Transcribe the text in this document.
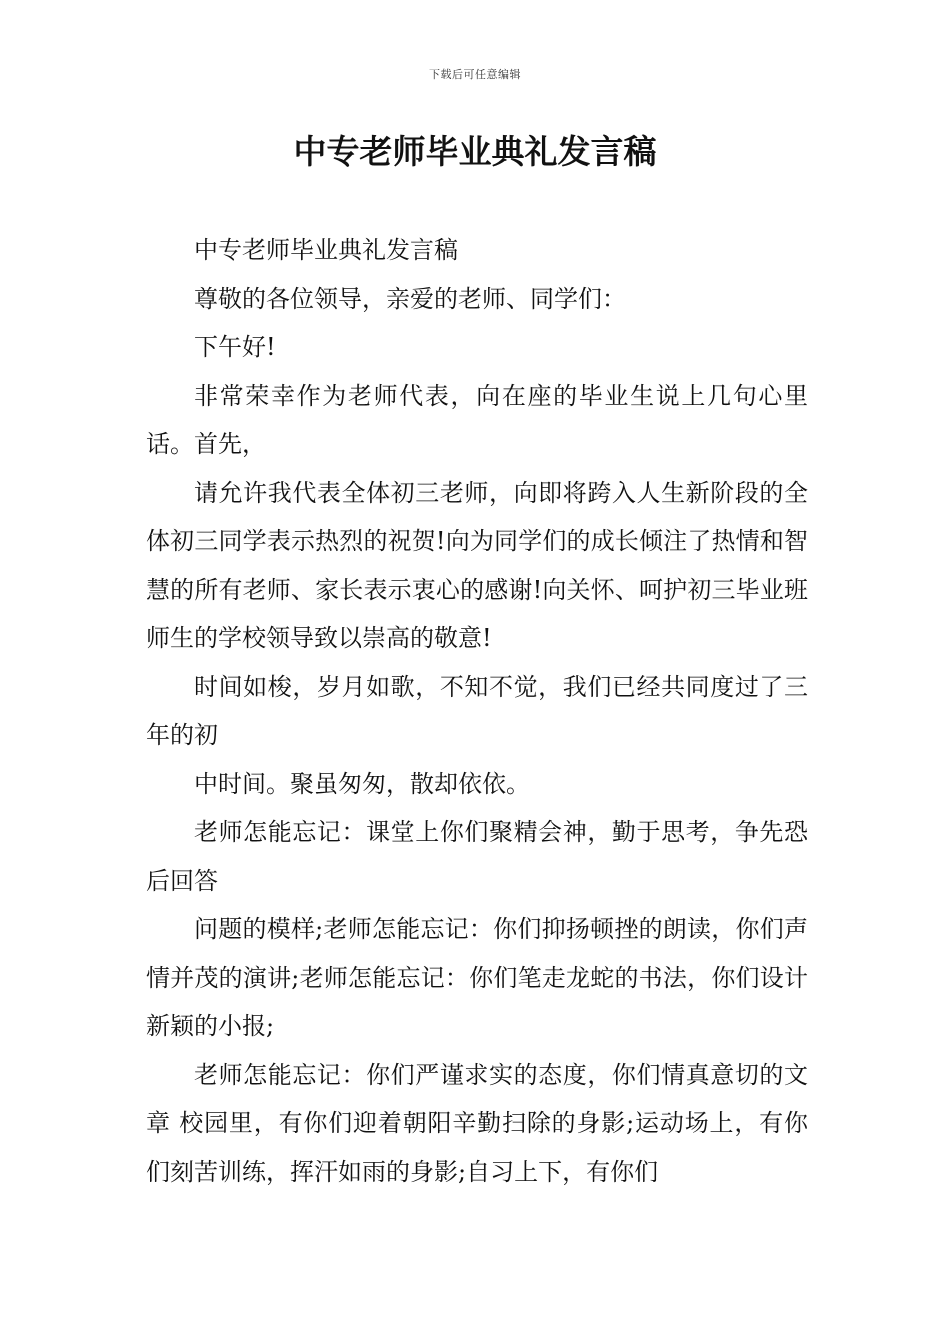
下载后可任意编辑
中专老师毕业典礼发言稿

中专老师毕业典礼发言稿

尊敬的各位领导，亲爱的老师、同学们：

下午好!

非常荣幸作为老师代表，向在座的毕业生说上几句心里话。首先，

请允许我代表全体初三老师，向即将跨入人生新阶段的全体初三同学表示热烈的祝贺!向为同学们的成长倾注了热情和智慧的所有老师、家长表示衷心的感谢!向关怀、呵护初三毕业班师生的学校领导致以崇高的敬意!

时间如梭，岁月如歌，不知不觉，我们已经共同度过了三年的初

中时间。聚虽匆匆，散却依依。

老师怎能忘记：课堂上你们聚精会神，勤于思考，争先恐后回答

问题的模样;老师怎能忘记：你们抑扬顿挫的朗读，你们声情并茂的演讲;老师怎能忘记：你们笔走龙蛇的书法，你们设计新颖的小报;

老师怎能忘记：你们严谨求实的态度，你们情真意切的文章 校园里，有你们迎着朝阳辛勤扫除的身影;运动场上，有你们刻苦训练，挥汗如雨的身影;自习上下，有你们
